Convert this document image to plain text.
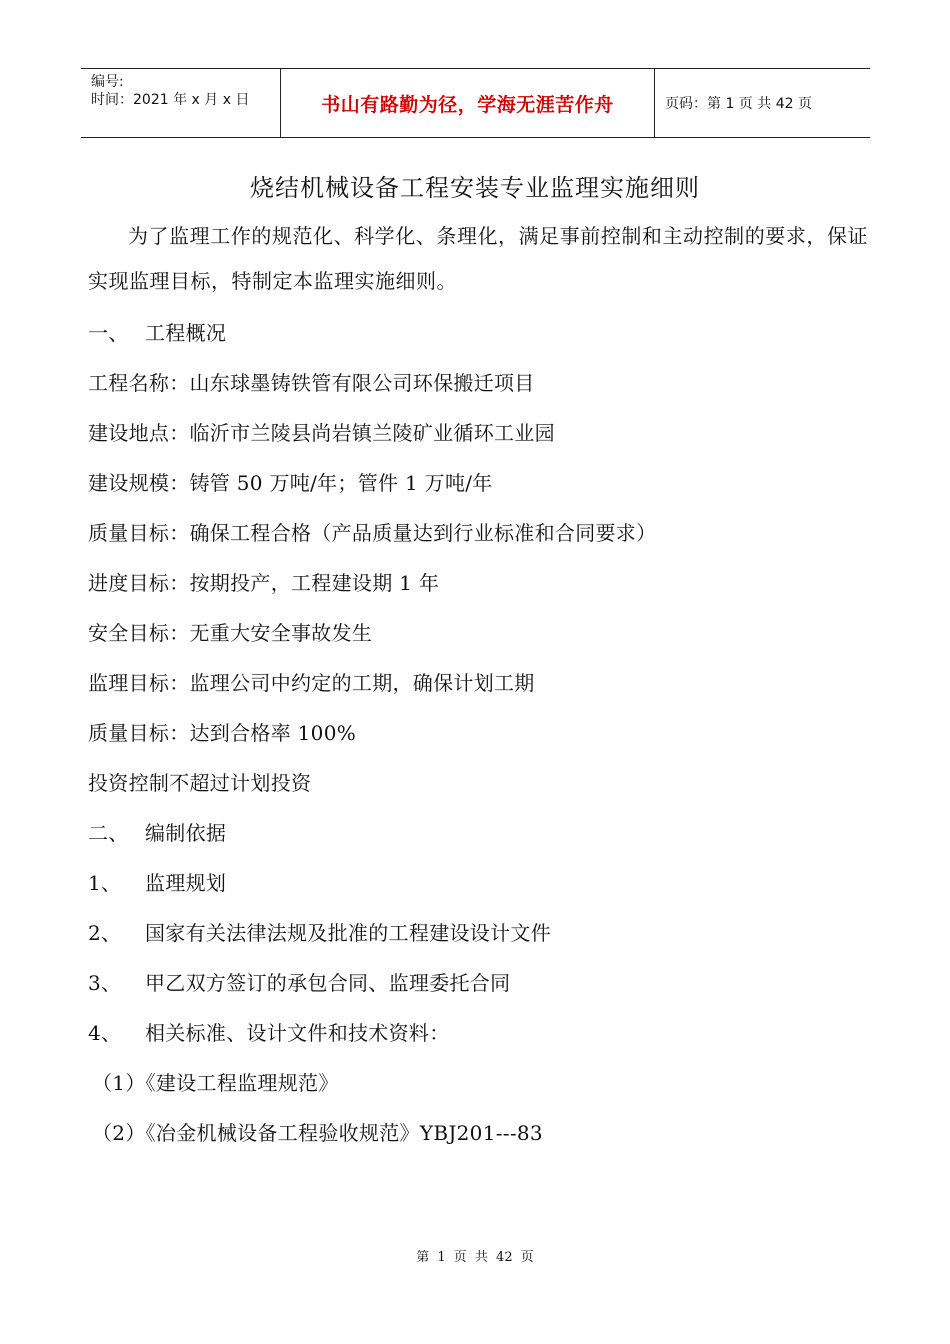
编号:
时间：2021 年 x 月 x 日	书山有路勤为径，学海无涯苦作舟	页码：第 1 页 共 42 页
烧结机械设备工程安装专业监理实施细则
为了监理工作的规范化、科学化、条理化，满足事前控制和主动控制的要求，保证实现监理目标，特制定本监理实施细则。
一、 工程概况
工程名称：山东球墨铸铁管有限公司环保搬迁项目
建设地点：临沂市兰陵县尚岩镇兰陵矿业循环工业园
建设规模：铸管 50 万吨/年；管件 1 万吨/年
质量目标：确保工程合格（产品质量达到行业标准和合同要求）
进度目标：按期投产，工程建设期 1 年
安全目标：无重大安全事故发生
监理目标：监理公司中约定的工期，确保计划工期
质量目标：达到合格率 100%
投资控制不超过计划投资
二、 编制依据
1、 监理规划
2、 国家有关法律法规及批准的工程建设设计文件
3、 甲乙双方签订的承包合同、监理委托合同
4、 相关标准、设计文件和技术资料：
（1）《建设工程监理规范》
（2）《冶金机械设备工程验收规范》YBJ201---83
第 1 页 共 42 页
